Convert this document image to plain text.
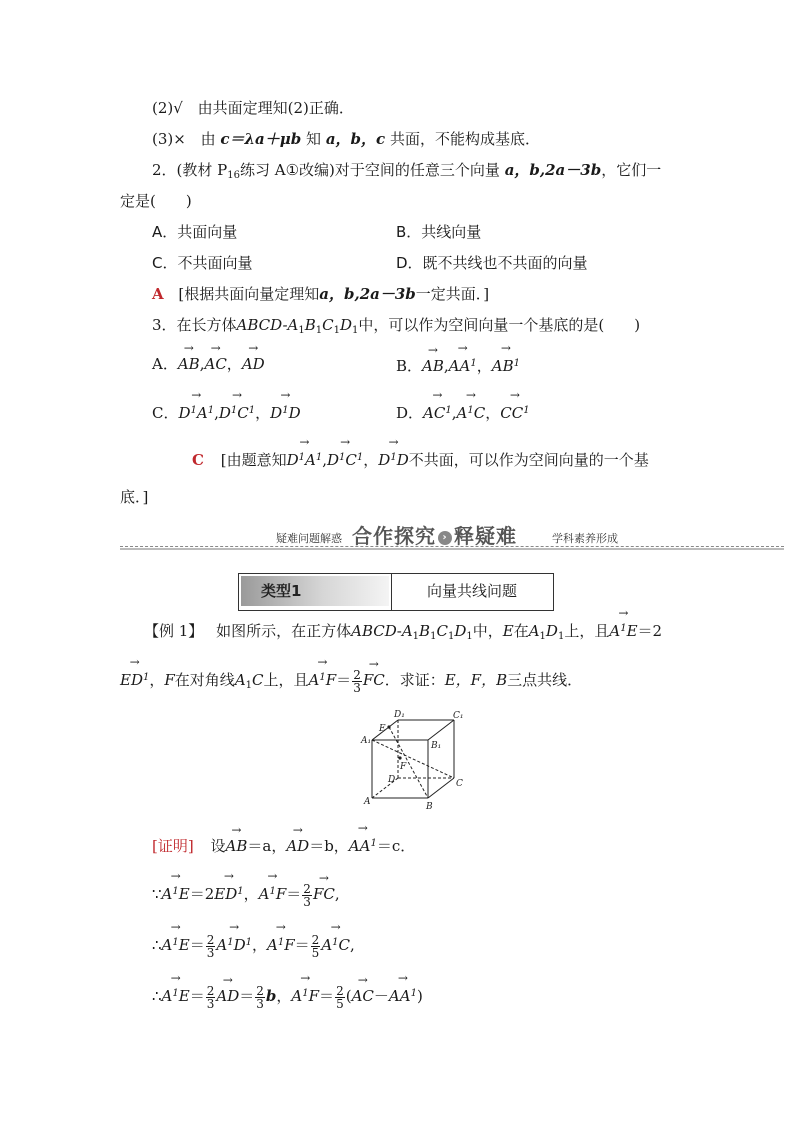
(2)√ 由共面定理知(2)正确．
(3)× 由 c＝λa＋μb 知 a，b，c 共面，不能构成基底．
2．(教材 $P_{16}$练习 A①改编)对于空间的任意三个向量 a，b,2a－3b，它们一
定是(　　)
A．共面向量	B．共线向量
C．不共面向量	D．既不共线也不共面的向量
A [根据共面向量定理知a，b,2a－3b一定共面．]
3．在长方体ABCD-$A_1B_1C_1D_1$中，可以作为空间向量一个基底的是(　　)
A．→ AB,→ AC，→ AD	B．→ $AB,\to AA^1$，→ $AB^1$
C．→ $D^1A^1,\to D^1C^1$，→ $D^1D$	D．→ $AC^1,\to A^1C$，→ $CC^1$
C [由题意知→ $D^1A^1,\to D^1C^1$，→ $D^1D$不共面，可以作为空间向量的一个基
底．]
疑难问题解惑 合作探究 › 释疑难	学科素养形成
类型1	向量共线问题
【例 1】 如图所示，在正方体ABCD-$A_1B_1C_1D_1$中，E在$A_1D_1$上，且→ $A^1E=2$
→ $ED^1$，F在对角线$A_1C$上，且→ $A^1F= \frac{2}{3}$
→ FC．求证：E，F，B三点共线．
D₁	C₁
A₁	B₁
E
F
D	C
A	B
[证明] 设→ AB＝a，→ AD＝b，→ $AA^1=c$．
∵→ $A^1E=2\to ED^1$，→ $A^1F= \frac{2}{3}$
→ FC,
∴→ $A^1E= \frac{2}{3}$
→ $A^1D^1$，→ $A^1F= \frac{2}{5}$
→ $A^1C$,
∴→ $A^1E= \frac{2}{3}$
→ $AD= \frac{2}{3}$ b，→ $A^1F= \frac{2}{5}$ (→ $AC-\to AA^1$)
